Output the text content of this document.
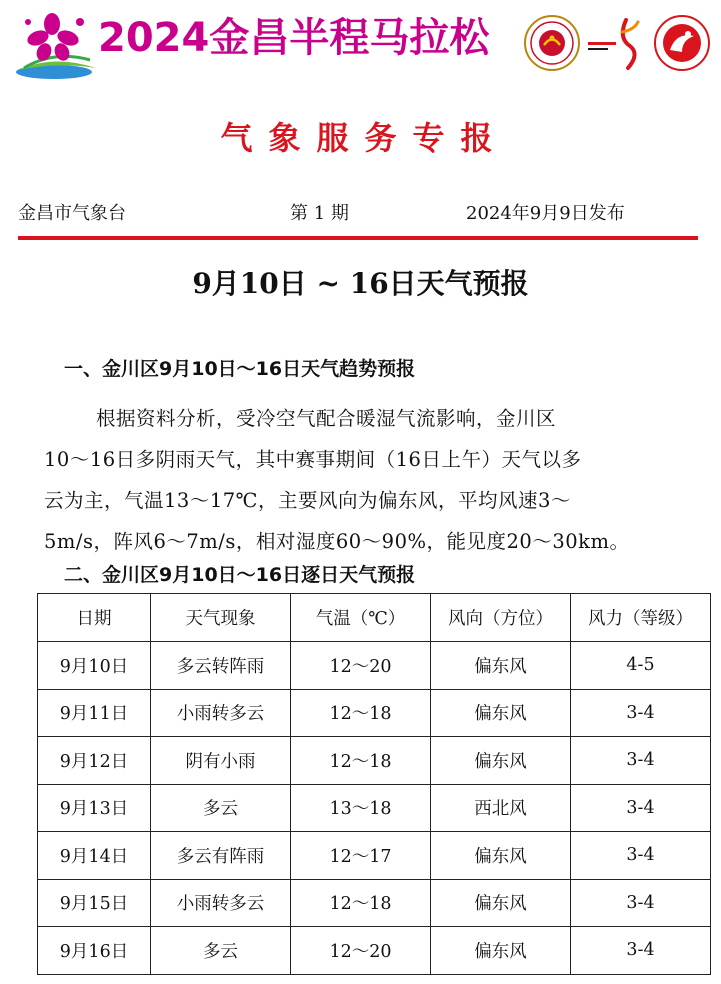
2024金昌半程马拉松
气象服务专报
金昌市气象台	第 1 期	2024年9月9日发布
9月10日 ~ 16日天气预报
一、金川区9月10日～16日天气趋势预报
根据资料分析，受冷空气配合暖湿气流影响，金川区
10～16日多阴雨天气，其中赛事期间（16日上午）天气以多
云为主，气温13～17℃，主要风向为偏东风，平均风速3～
5m/s，阵风6～7m/s，相对湿度60～90%，能见度20～30km。
二、金川区9月10日～16日逐日天气预报
日期	天气现象	气温（℃）	风向（方位）	风力（等级）
9月10日	多云转阵雨	12～20	偏东风	4-5
9月11日	小雨转多云	12～18	偏东风	3-4
9月12日	阴有小雨	12～18	偏东风	3-4
9月13日	多云	13～18	西北风	3-4
9月14日	多云有阵雨	12～17	偏东风	3-4
9月15日	小雨转多云	12～18	偏东风	3-4
9月16日	多云	12～20	偏东风	3-4
